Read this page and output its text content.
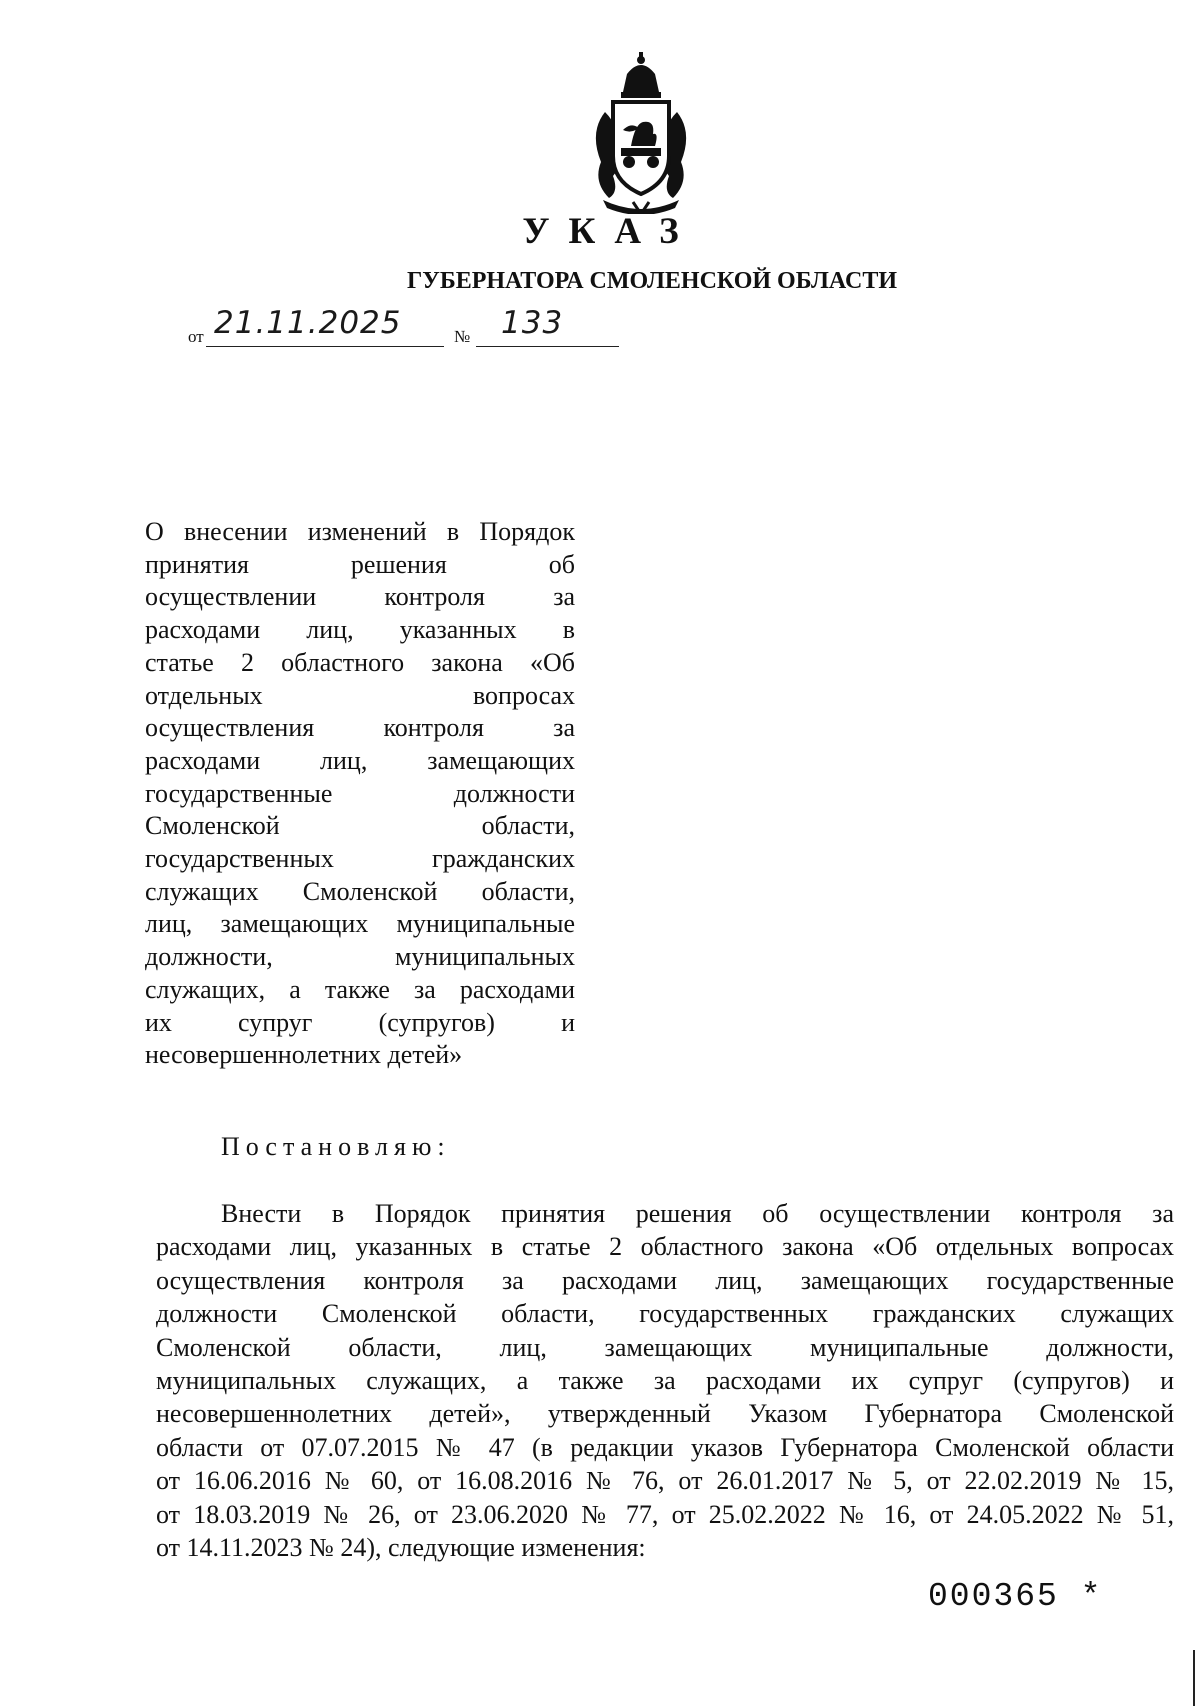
УКАЗ
ГУБЕРНАТОРА СМОЛЕНСКОЙ ОБЛАСТИ
от 21.11.2025	№ 133
О внесении изменений в Порядок
принятия решения об
осуществлении контроля за
расходами лиц, указанных в
статье 2 областного закона «Об
отдельных вопросах
осуществления контроля за
расходами лиц, замещающих
государственные должности
Смоленской области,
государственных гражданских
служащих Смоленской области,
лиц, замещающих муниципальные
должности, муниципальных
служащих, а также за расходами
их супруг (супругов) и
несовершеннолетних детей»
Постановляю:
Внести в Порядок принятия решения об осуществлении контроля за
расходами лиц, указанных в статье 2 областного закона «Об отдельных вопросах
осуществления контроля за расходами лиц, замещающих государственные
должности Смоленской области, государственных гражданских служащих
Смоленской области, лиц, замещающих муниципальные должности,
муниципальных служащих, а также за расходами их супруг (супругов) и
несовершеннолетних детей», утвержденный Указом Губернатора Смоленской
области от 07.07.2015 № 47 (в редакции указов Губернатора Смоленской области
от 16.06.2016 № 60, от 16.08.2016 № 76, от 26.01.2017 № 5, от 22.02.2019 № 15,
от 18.03.2019 № 26, от 23.06.2020 № 77, от 25.02.2022 № 16, от 24.05.2022 № 51,
от 14.11.2023 № 24), следующие изменения:
000365 *
